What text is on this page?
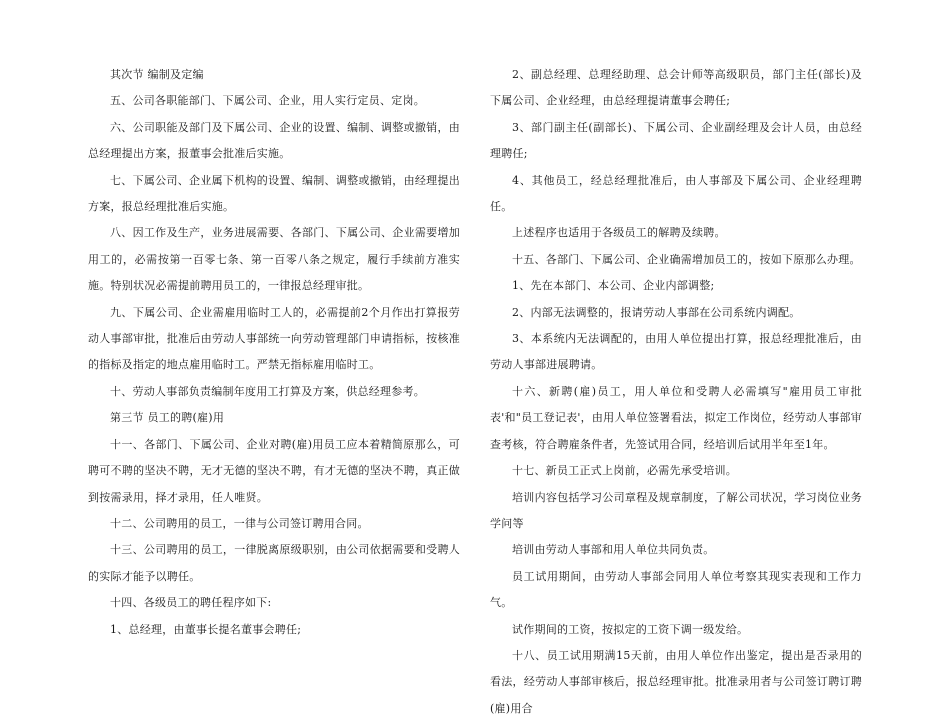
其次节 编制及定编

五、公司各职能部门、下属公司、企业，用人实行定员、定岗。

六、公司职能及部门及下属公司、企业的设置、编制、调整或撤销，由总经理提出方案，报董事会批准后实施。

七、下属公司、企业属下机构的设置、编制、调整或撤销，由经理提出方案，报总经理批准后实施。

八、因工作及生产，业务进展需要、各部门、下属公司、企业需要增加用工的，必需按第一百零七条、第一百零八条之规定，履行手续前方准实施。特别状况必需提前聘用员工的，一律报总经理审批。

九、下属公司、企业需雇用临时工人的，必需提前2个月作出打算报劳动人事部审批，批准后由劳动人事部统一向劳动管理部门申请指标，按核准的指标及指定的地点雇用临时工。严禁无指标雇用临时工。

十、劳动人事部负责编制年度用工打算及方案，供总经理参考。

第三节 员工的聘(雇)用

十一、各部门、下属公司、企业对聘(雇)用员工应本着精简原那么，可聘可不聘的坚决不聘，无才无德的坚决不聘，有才无德的坚决不聘，真正做到按需录用，择才录用，任人唯贤。

十二、公司聘用的员工，一律与公司签订聘用合同。

十三、公司聘用的员工，一律脱离原级职别，由公司依据需要和受聘人的实际才能予以聘任。

十四、各级员工的聘任程序如下:

1、总经理，由董事长提名董事会聘任;

2、副总经理、总理经助理、总会计师等高级职员，部门主任(部长)及下属公司、企业经理，由总经理提请董事会聘任;

3、部门副主任(副部长)、下属公司、企业副经理及会计人员，由总经理聘任;

4、其他员工，经总经理批准后，由人事部及下属公司、企业经理聘任。

上述程序也适用于各级员工的解聘及续聘。

十五、各部门、下属公司、企业确需增加员工的，按如下原那么办理。

1、先在本部门、本公司、企业内部调整;

2、内部无法调整的，报请劳动人事部在公司系统内调配。

3、本系统内无法调配的，由用人单位提出打算，报总经理批准后，由劳动人事部进展聘请。

十六、新聘(雇)员工，用人单位和受聘人必需填写"雇用员工审批表'和"员工登记表'，由用人单位签署看法，拟定工作岗位，经劳动人事部审查考核，符合聘雇条件者，先签试用合同，经培训后试用半年至1年。

十七、新员工正式上岗前，必需先承受培训。

培训内容包括学习公司章程及规章制度，了解公司状况，学习岗位业务学问等

培训由劳动人事部和用人单位共同负责。

员工试用期间，由劳动人事部会同用人单位考察其现实表现和工作力气。

试作期间的工资，按拟定的工资下调一级发给。

十八、员工试用期满15天前，由用人单位作出鉴定，提出是否录用的看法，经劳动人事部审核后，报总经理审批。批准录用者与公司签订聘订聘(雇)用合
